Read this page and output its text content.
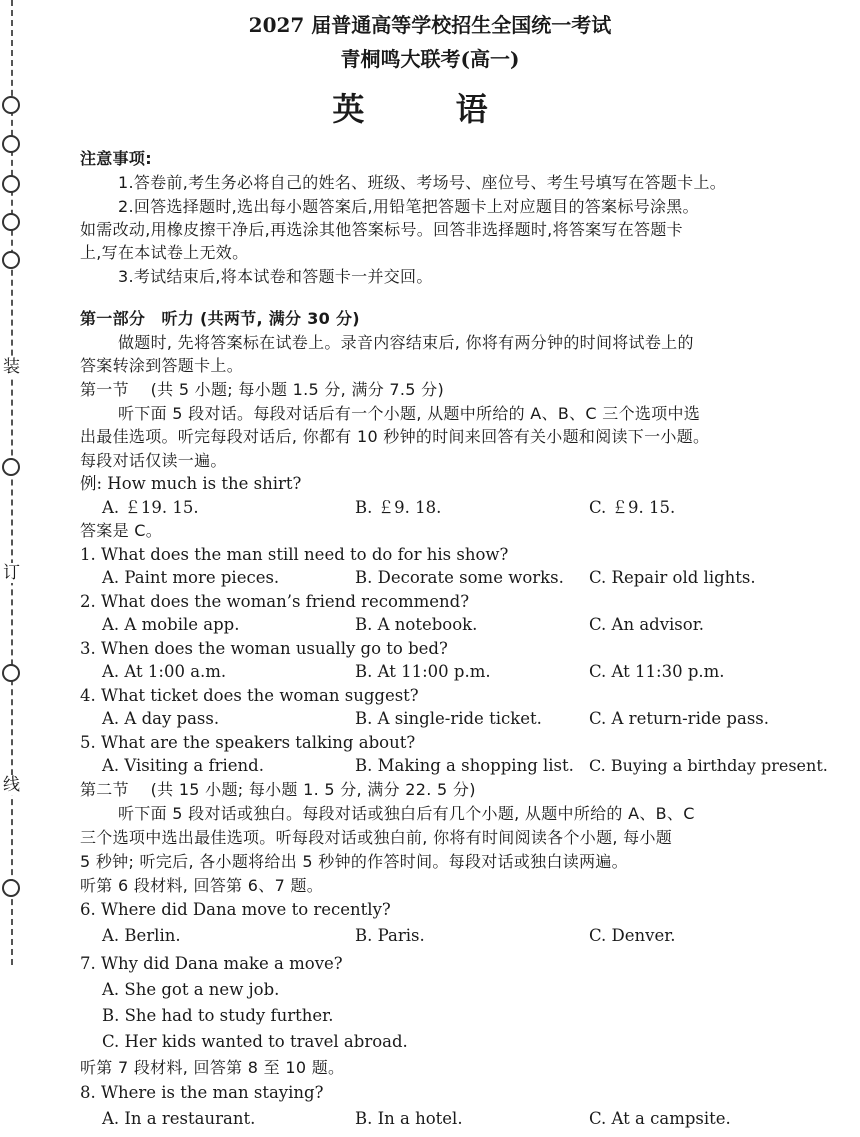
装
订
线
2027 届普通高等学校招生全国统一考试
青桐鸣大联考(高一)
英 语
注意事项:
1.答卷前,考生务必将自己的姓名、班级、考场号、座位号、考生号填写在答题卡上。
2.回答选择题时,选出每小题答案后,用铅笔把答题卡上对应题目的答案标号涂黑。
如需改动,用橡皮擦干净后,再选涂其他答案标号。回答非选择题时,将答案写在答题卡
上,写在本试卷上无效。
3.考试结束后,将本试卷和答题卡一并交回。
第一部分　听力 (共两节, 满分 30 分)
做题时, 先将答案标在试卷上。录音内容结束后, 你将有两分钟的时间将试卷上的
答案转涂到答题卡上。
第一节　 (共 5 小题; 每小题 1.5 分, 满分 7.5 分)
听下面 5 段对话。每段对话后有一个小题, 从题中所给的 A、B、C 三个选项中选
出最佳选项。听完每段对话后, 你都有 10 秒钟的时间来回答有关小题和阅读下一小题。
每段对话仅读一遍。
例: How much is the shirt?
A. ￡19. 15.	B. ￡9. 18.	C. ￡9. 15.
答案是 C。
1. What does the man still need to do for his show?
A. Paint more pieces.	B. Decorate some works. C. Repair old lights.
2. What does the woman’s friend recommend?
A. A mobile app.	B. A notebook.	C. An advisor.
3. When does the woman usually go to bed?
A. At 1:00 a.m.	B. At 11:00 p.m.	C. At 11:30 p.m.
4. What ticket does the woman suggest?
A. A day pass.	B. A single-ride ticket.	C. A return-ride pass.
5. What are the speakers talking about?
A. Visiting a friend.	B. Making a shopping list. C. Buying a birthday present.
第二节　 (共 15 小题; 每小题 1. 5 分, 满分 22. 5 分)
听下面 5 段对话或独白。每段对话或独白后有几个小题, 从题中所给的 A、B、C
三个选项中选出最佳选项。听每段对话或独白前, 你将有时间阅读各个小题, 每小题
5 秒钟; 听完后, 各小题将给出 5 秒钟的作答时间。每段对话或独白读两遍。
听第 6 段材料, 回答第 6、7 题。
6. Where did Dana move to recently?
A. Berlin.	B. Paris.	C. Denver.
7. Why did Dana make a move?
A. She got a new job.
B. She had to study further.
C. Her kids wanted to travel abroad.
听第 7 段材料, 回答第 8 至 10 题。
8. Where is the man staying?
A. In a restaurant.	B. In a hotel.	C. At a campsite.
